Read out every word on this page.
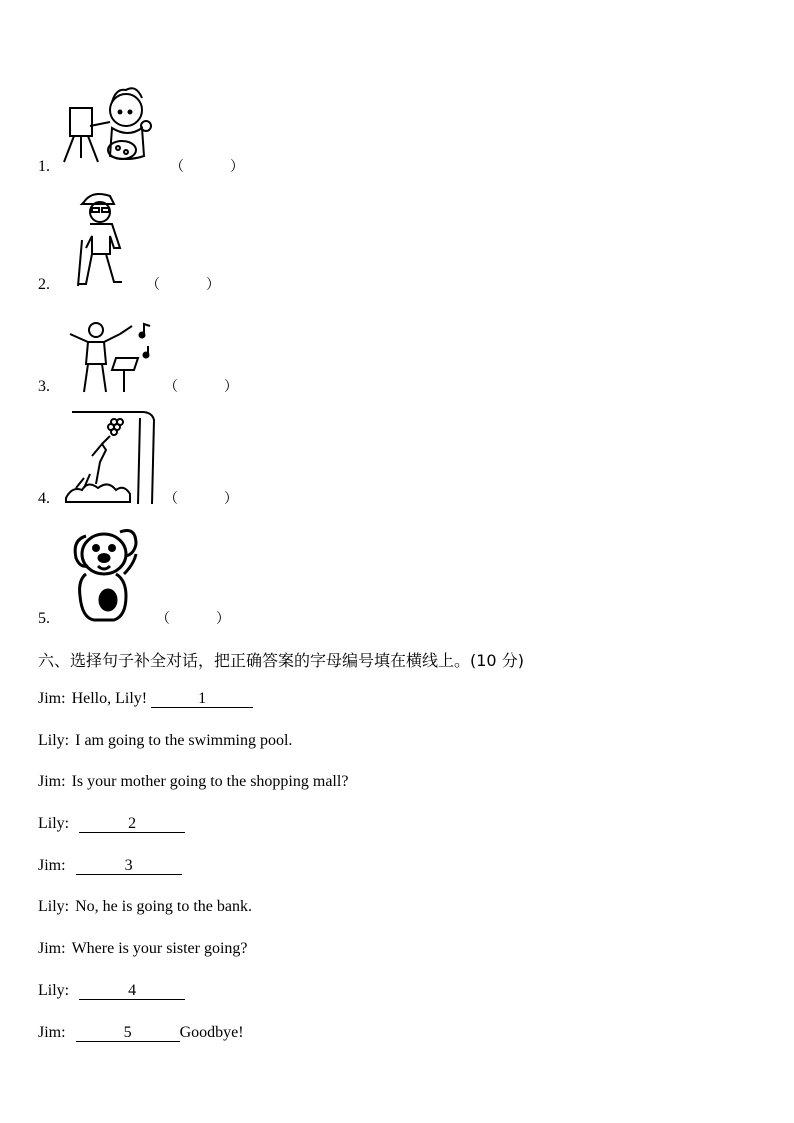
1.	（	）
2.	（	）
3.	（	）
4.	（	）
5.	（	）
六、选择句子补全对话，把正确答案的字母编号填在横线上。(10 分)
Jim: Hello, Lily!	1
Lily: I am going to the swimming pool.
Jim: Is your mother going to the shopping mall?
Lily:	2
Jim:	3
Lily: No, he is going to the bank.
Jim: Where is your sister going?
Lily:	4
Jim:	5	Goodbye!
